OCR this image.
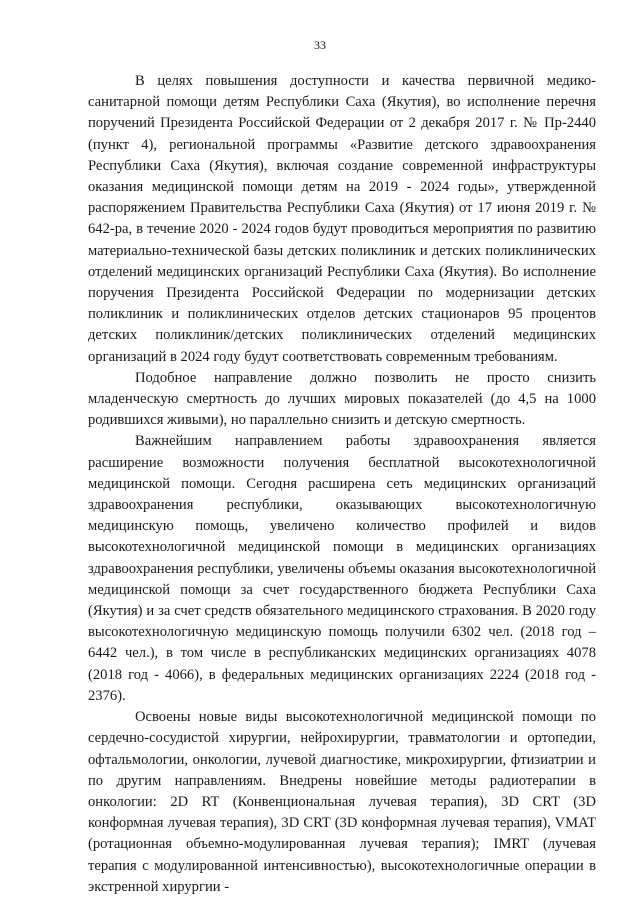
33

В целях повышения доступности и качества первичной медико-санитарной помощи детям Республики Саха (Якутия), во исполнение перечня поручений Президента Российской Федерации от 2 декабря 2017 г. № Пр-2440 (пункт 4), региональной программы «Развитие детского здравоохранения Республики Саха (Якутия), включая создание современной инфраструктуры оказания медицинской помощи детям на 2019 - 2024 годы», утвержденной распоряжением Правительства Республики Саха (Якутия) от 17 июня 2019 г. № 642-ра, в течение 2020 - 2024 годов будут проводиться мероприятия по развитию материально-технической базы детских поликлиник и детских поликлинических отделений медицинских организаций Республики Саха (Якутия). Во исполнение поручения Президента Российской Федерации по модернизации детских поликлиник и поликлинических отделов детских стационаров 95 процентов детских поликлиник/детских поликлинических отделений медицинских организаций в 2024 году будут соответствовать современным требованиям.

Подобное направление должно позволить не просто снизить младенческую смертность до лучших мировых показателей (до 4,5 на 1000 родившихся живыми), но параллельно снизить и детскую смертность.

Важнейшим направлением работы здравоохранения является расширение возможности получения бесплатной высокотехнологичной медицинской помощи. Сегодня расширена сеть медицинских организаций здравоохранения республики, оказывающих высокотехнологичную медицинскую помощь, увеличено количество профилей и видов высокотехнологичной медицинской помощи в медицинских организациях здравоохранения республики, увеличены объемы оказания высокотехнологичной медицинской помощи за счет государственного бюджета Республики Саха (Якутия) и за счет средств обязательного медицинского страхования. В 2020 году высокотехнологичную медицинскую помощь получили 6302 чел. (2018 год – 6442 чел.), в том числе в республиканских медицинских организациях 4078 (2018 год - 4066), в федеральных медицинских организациях 2224 (2018 год - 2376).

Освоены новые виды высокотехнологичной медицинской помощи по сердечно-сосудистой хирургии, нейрохирургии, травматологии и ортопедии, офтальмологии, онкологии, лучевой диагностике, микрохирургии, фтизиатрии и по другим направлениям. Внедрены новейшие методы радиотерапии в онкологии: 2D RT (Конвенциональная лучевая терапия), 3D CRT (3D конформная лучевая терапия), 3D CRT (3D конформная лучевая терапия), VMAT (ротационная объемно-модулированная лучевая терапия); IMRT (лучевая терапия с модулированной интенсивностью), высокотехнологичные операции в экстренной хирургии -
